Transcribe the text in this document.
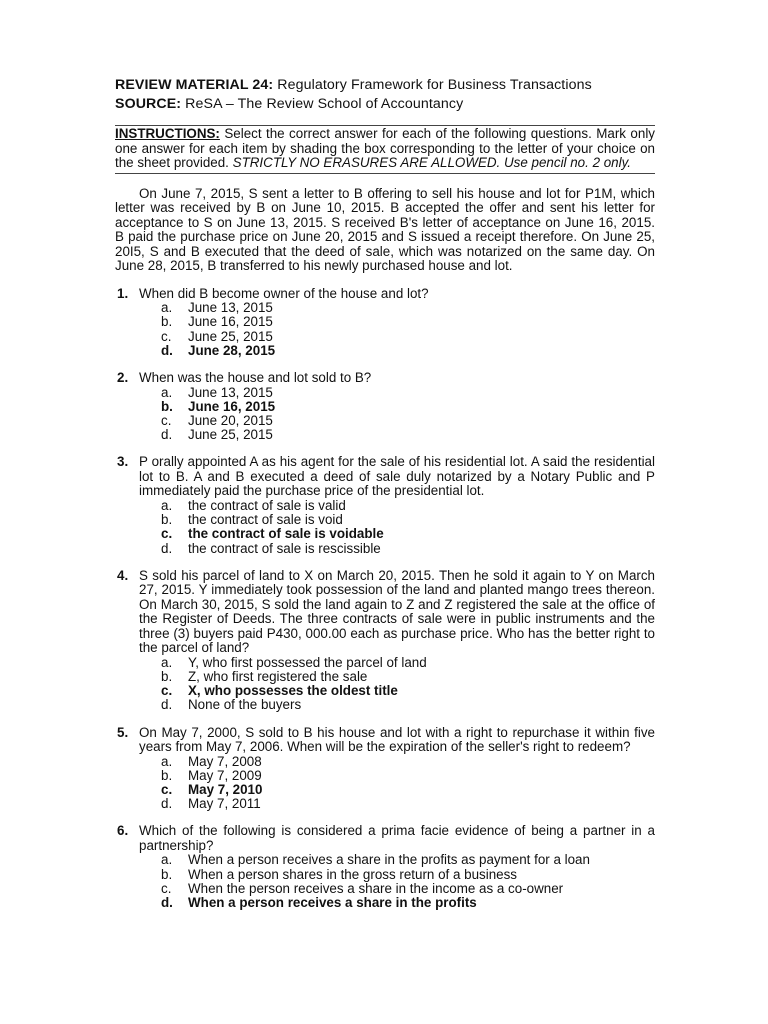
REVIEW MATERIAL 24: Regulatory Framework for Business Transactions
SOURCE: ReSA – The Review School of Accountancy
INSTRUCTIONS: Select the correct answer for each of the following questions. Mark only one answer for each item by shading the box corresponding to the letter of your choice on the sheet provided. STRICTLY NO ERASURES ARE ALLOWED. Use pencil no. 2 only.
On June 7, 2015, S sent a letter to B offering to sell his house and lot for P1M, which letter was received by B on June 10, 2015. B accepted the offer and sent his letter for acceptance to S on June 13, 2015. S received B's letter of acceptance on June 16, 2015. B paid the purchase price on June 20, 2015 and S issued a receipt therefore. On June 25, 20I5, S and B executed that the deed of sale, which was notarized on the same day. On June 28, 2015, B transferred to his newly purchased house and lot.
1. When did B become owner of the house and lot?
a.	June 13, 2015
b.	June 16, 2015
c.	June 25, 2015
d.	June 28, 2015
2. When was the house and lot sold to B?
a.	June 13, 2015
b.	June 16, 2015
c.	June 20, 2015
d.	June 25, 2015
3. P orally appointed A as his agent for the sale of his residential lot. A said the residential lot to B. A and B executed a deed of sale duly notarized by a Notary Public and P immediately paid the purchase price of the presidential lot.
a.	the contract of sale is valid
b.	the contract of sale is void
c.	the contract of sale is voidable
d.	the contract of sale is rescissible
4. S sold his parcel of land to X on March 20, 2015. Then he sold it again to Y on March 27, 2015. Y immediately took possession of the land and planted mango trees thereon. On March 30, 2015, S sold the land again to Z and Z registered the sale at the office of the Register of Deeds. The three contracts of sale were in public instruments and the three (3) buyers paid P430, 000.00 each as purchase price. Who has the better right to the parcel of land?
a.	Y, who first possessed the parcel of land
b.	Z, who first registered the sale
c.	X, who possesses the oldest title
d.	None of the buyers
5. On May 7, 2000, S sold to B his house and lot with a right to repurchase it within five years from May 7, 2006. When will be the expiration of the seller's right to redeem?
a.	May 7, 2008
b.	May 7, 2009
c.	May 7, 2010
d.	May 7, 2011
6. Which of the following is considered a prima facie evidence of being a partner in a partnership?
a.	When a person receives a share in the profits as payment for a loan
b.	When a person shares in the gross return of a business
c.	When the person receives a share in the income as a co-owner
d.	When a person receives a share in the profits
